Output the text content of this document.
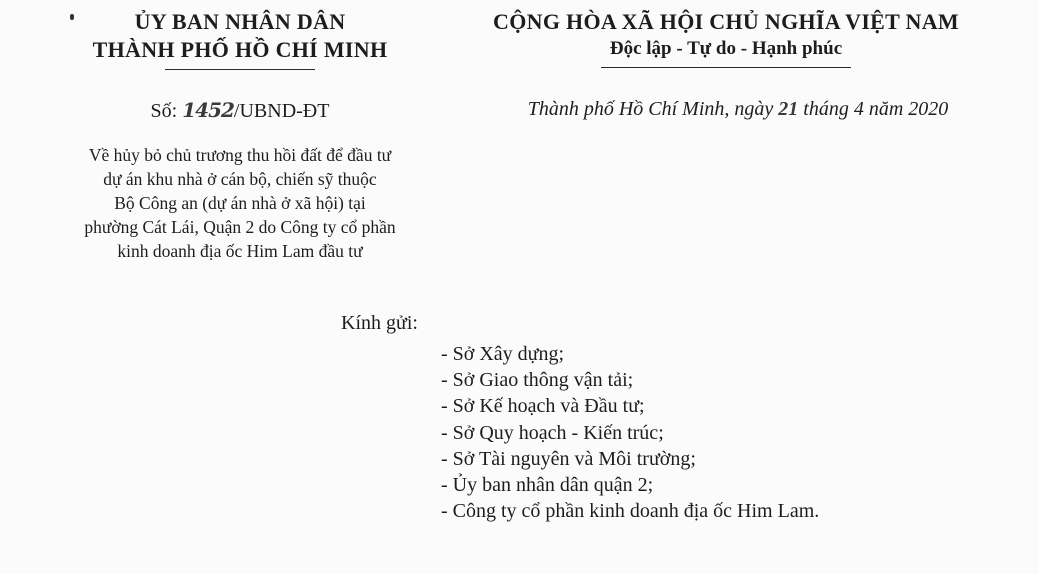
ỦY BAN NHÂN DÂN
THÀNH PHỐ HỒ CHÍ MINH
CỘNG HÒA XÃ HỘI CHỦ NGHĨA VIỆT NAM
Độc lập - Tự do - Hạnh phúc
Số: 1452/UBND-ĐT	Thành phố Hồ Chí Minh, ngày 21 tháng 4 năm 2020
Về hủy bỏ chủ trương thu hồi đất để đầu tư
dự án khu nhà ở cán bộ, chiến sỹ thuộc
Bộ Công an (dự án nhà ở xã hội) tại
phường Cát Lái, Quận 2 do Công ty cổ phần
kinh doanh địa ốc Him Lam đầu tư
Kính gửi:
- Sở Xây dựng;
- Sở Giao thông vận tải;
- Sở Kế hoạch và Đầu tư;
- Sở Quy hoạch - Kiến trúc;
- Sở Tài nguyên và Môi trường;
- Ủy ban nhân dân quận 2;
- Công ty cổ phần kinh doanh địa ốc Him Lam.
